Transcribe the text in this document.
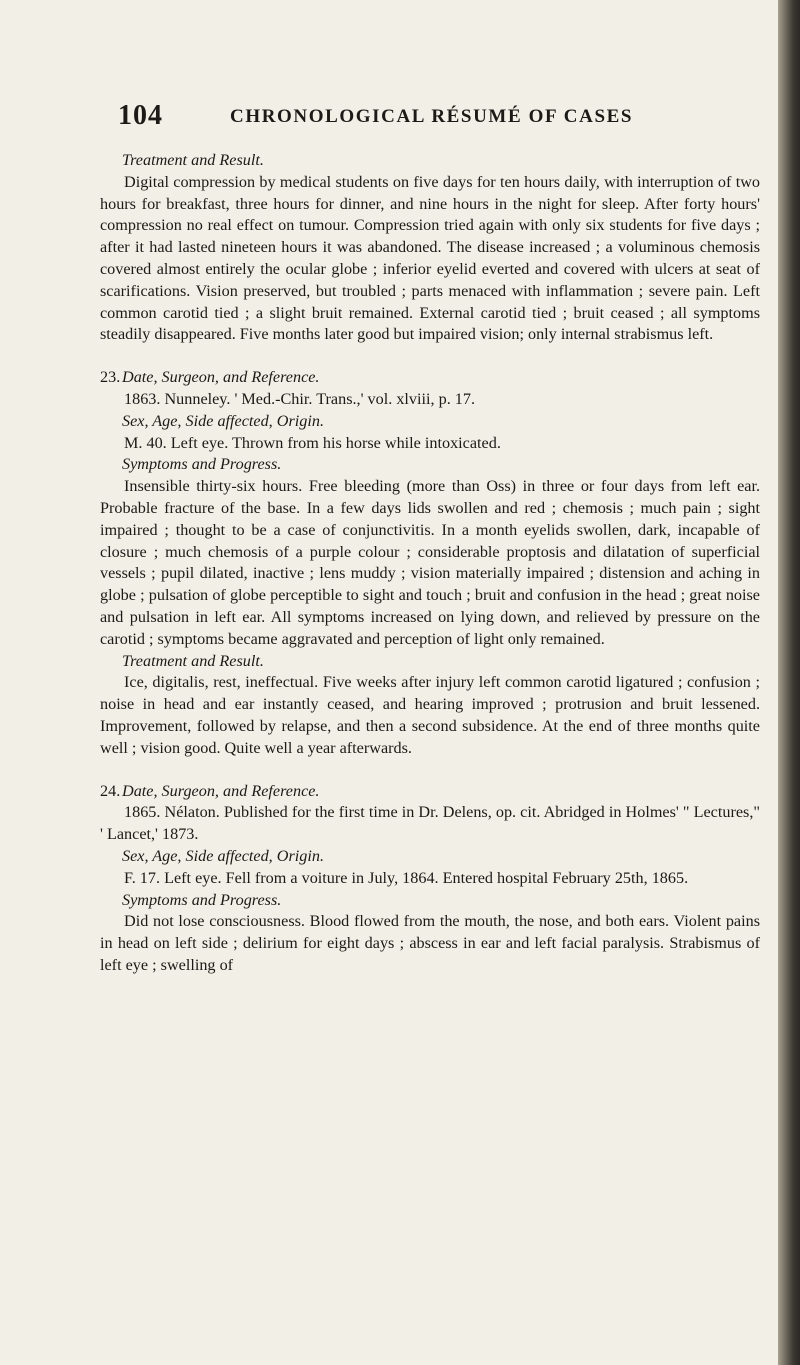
104	CHRONOLOGICAL RÉSUMÉ OF CASES

Treatment and Result.

Digital compression by medical students on five days for ten hours daily, with interruption of two hours for breakfast, three hours for dinner, and nine hours in the night for sleep. After forty hours' compression no real effect on tumour. Compression tried again with only six students for five days ; after it had lasted nineteen hours it was abandoned. The disease increased ; a voluminous chemosis covered almost entirely the ocular globe ; inferior eyelid everted and covered with ulcers at seat of scarifications. Vision preserved, but troubled ; parts menaced with inflammation ; severe pain. Left common carotid tied ; a slight bruit remained. External carotid tied ; bruit ceased ; all symptoms steadily disappeared. Five months later good but impaired vision; only internal strabismus left.

23. Date, Surgeon, and Reference.

1863. Nunneley. ' Med.-Chir. Trans.,' vol. xlviii, p. 17.

Sex, Age, Side affected, Origin.

M. 40. Left eye. Thrown from his horse while intoxicated.

Symptoms and Progress.

Insensible thirty-six hours. Free bleeding (more than Oss) in three or four days from left ear. Probable fracture of the base. In a few days lids swollen and red ; chemosis ; much pain ; sight impaired ; thought to be a case of conjunctivitis. In a month eyelids swollen, dark, incapable of closure ; much chemosis of a purple colour ; considerable proptosis and dilatation of superficial vessels ; pupil dilated, inactive ; lens muddy ; vision materially impaired ; distension and aching in globe ; pulsation of globe perceptible to sight and touch ; bruit and confusion in the head ; great noise and pulsation in left ear. All symptoms increased on lying down, and relieved by pressure on the carotid ; symptoms became aggravated and perception of light only remained.

Treatment and Result.

Ice, digitalis, rest, ineffectual. Five weeks after injury left common carotid ligatured ; confusion ; noise in head and ear instantly ceased, and hearing improved ; protrusion and bruit lessened. Improvement, followed by relapse, and then a second subsidence. At the end of three months quite well ; vision good. Quite well a year afterwards.

24. Date, Surgeon, and Reference.

1865. Nélaton. Published for the first time in Dr. Delens, op. cit. Abridged in Holmes' " Lectures," ' Lancet,' 1873.

Sex, Age, Side affected, Origin.

F. 17. Left eye. Fell from a voiture in July, 1864. Entered hospital February 25th, 1865.

Symptoms and Progress.

Did not lose consciousness. Blood flowed from the mouth, the nose, and both ears. Violent pains in head on left side ; delirium for eight days ; abscess in ear and left facial paralysis. Strabismus of left eye ; swelling of
